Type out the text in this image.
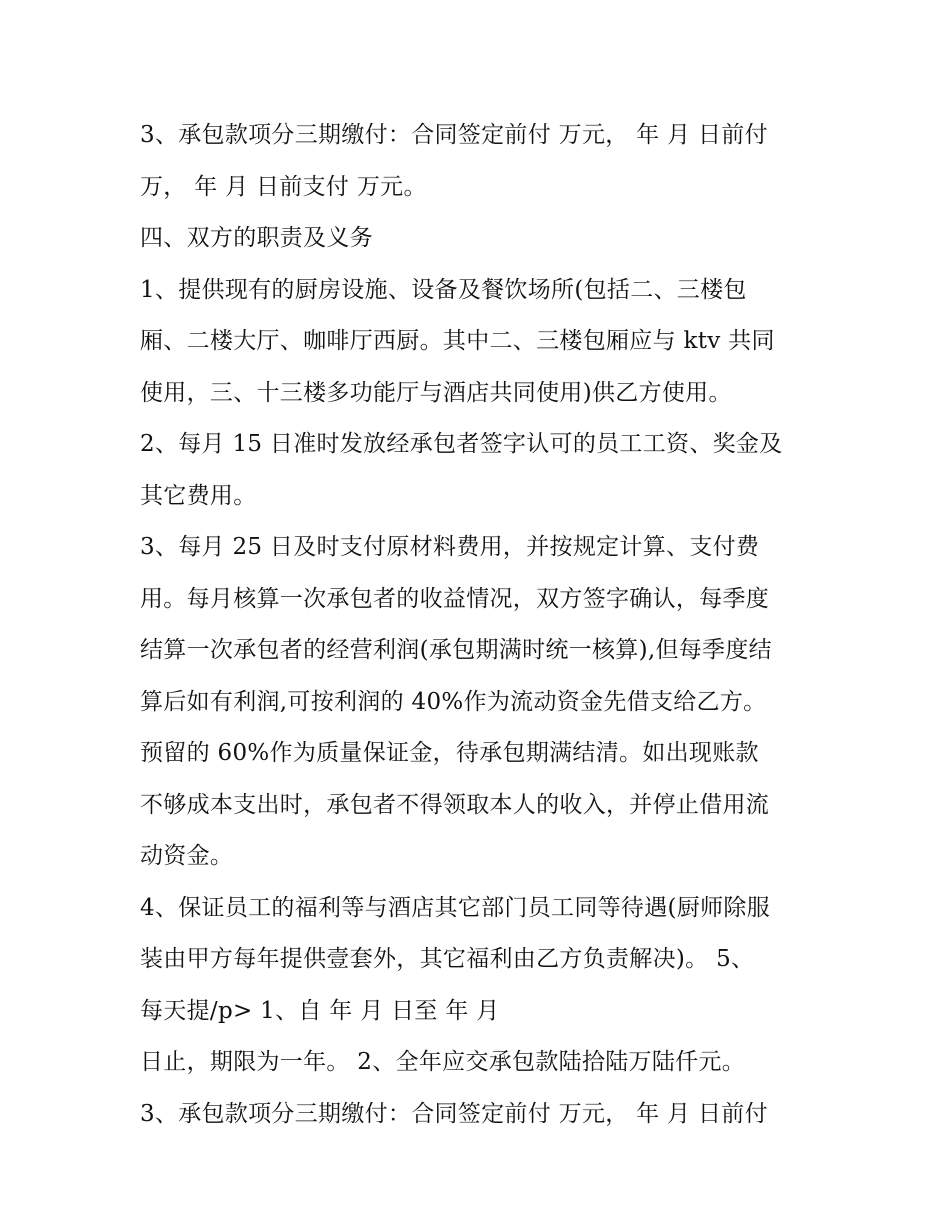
3、承包款项分三期缴付：合同签定前付 万元， 年 月 日前付
万， 年 月 日前支付 万元。
四、双方的职责及义务
1、提供现有的厨房设施、设备及餐饮场所(包括二、三楼包
厢、二楼大厅、咖啡厅西厨。其中二、三楼包厢应与 ktv 共同
使用，三、十三楼多功能厅与酒店共同使用)供乙方使用。
2、每月 15 日准时发放经承包者签字认可的员工工资、奖金及
其它费用。
3、每月 25 日及时支付原材料费用，并按规定计算、支付费
用。每月核算一次承包者的收益情况，双方签字确认，每季度
结算一次承包者的经营利润(承包期满时统一核算),但每季度结
算后如有利润,可按利润的 40%作为流动资金先借支给乙方。
预留的 60%作为质量保证金，待承包期满结清。如出现账款
不够成本支出时，承包者不得领取本人的收入，并停止借用流
动资金。
4、保证员工的福利等与酒店其它部门员工同等待遇(厨师除服
装由甲方每年提供壹套外，其它福利由乙方负责解决)。 5、
每天提/p> 1、自 年 月 日至 年 月
日止，期限为一年。 2、全年应交承包款陆拾陆万陆仟元。
3、承包款项分三期缴付：合同签定前付 万元， 年 月 日前付
